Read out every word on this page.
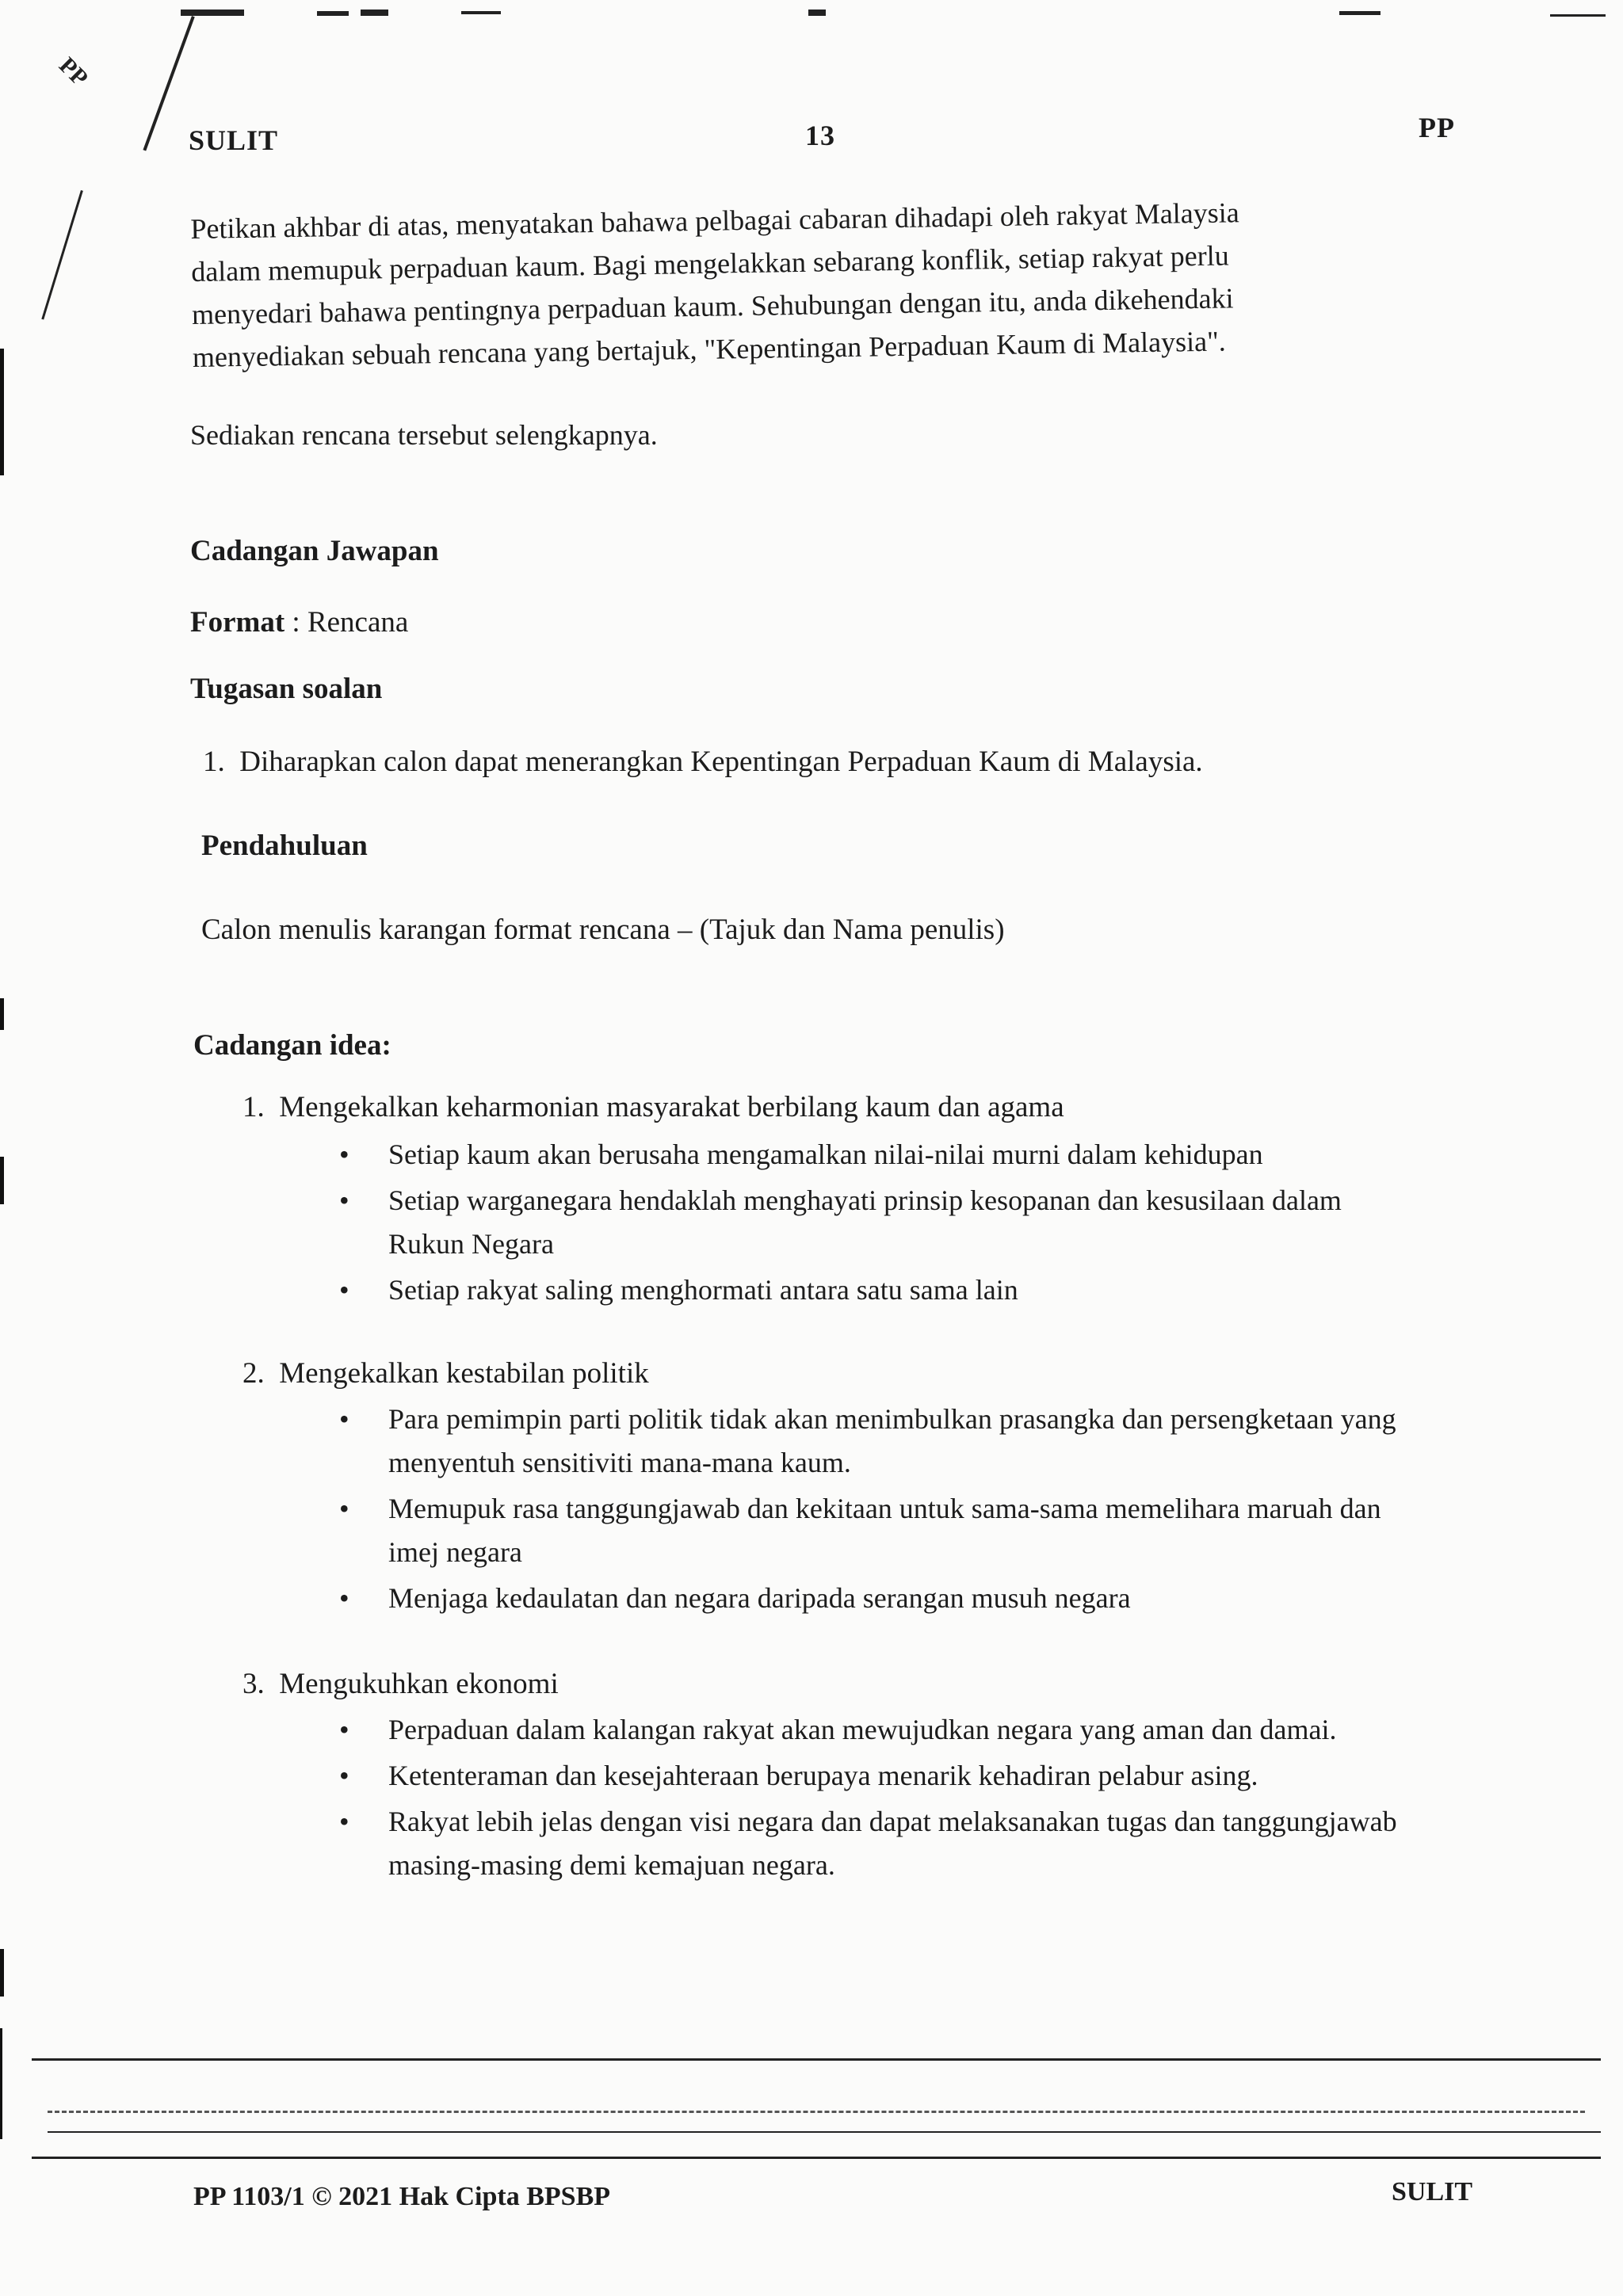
PP
SULIT	13	PP
Petikan akhbar di atas, menyatakan bahawa pelbagai cabaran dihadapi oleh rakyat Malaysia
dalam memupuk perpaduan kaum. Bagi mengelakkan sebarang konflik, setiap rakyat perlu
menyedari bahawa pentingnya perpaduan kaum. Sehubungan dengan itu, anda dikehendaki
menyediakan sebuah rencana yang bertajuk, "Kepentingan Perpaduan Kaum di Malaysia".
Sediakan rencana tersebut selengkapnya.
Cadangan Jawapan
Format : Rencana
Tugasan soalan
1.  Diharapkan calon dapat menerangkan Kepentingan Perpaduan Kaum di Malaysia.
Pendahuluan
Calon menulis karangan format rencana – (Tajuk dan Nama penulis)
Cadangan idea:
1.  Mengekalkan keharmonian masyarakat berbilang kaum dan agama
• Setiap kaum akan berusaha mengamalkan nilai-nilai murni dalam kehidupan
• Setiap warganegara hendaklah menghayati prinsip kesopanan dan kesusilaan dalam Rukun Negara
• Setiap rakyat saling menghormati antara satu sama lain
2.  Mengekalkan kestabilan politik
• Para pemimpin parti politik tidak akan menimbulkan prasangka dan persengketaan yang menyentuh sensitiviti mana-mana kaum.
• Memupuk rasa tanggungjawab dan kekitaan untuk sama-sama memelihara maruah dan imej negara
• Menjaga kedaulatan dan negara daripada serangan musuh negara
3.  Mengukuhkan ekonomi
• Perpaduan dalam kalangan rakyat akan mewujudkan negara yang aman dan damai.
• Ketenteraman dan kesejahteraan berupaya menarik kehadiran pelabur asing.
• Rakyat lebih jelas dengan visi negara dan dapat melaksanakan tugas dan tanggungjawab masing-masing demi kemajuan negara.
PP 1103/1 © 2021 Hak Cipta BPSBP	SULIT
